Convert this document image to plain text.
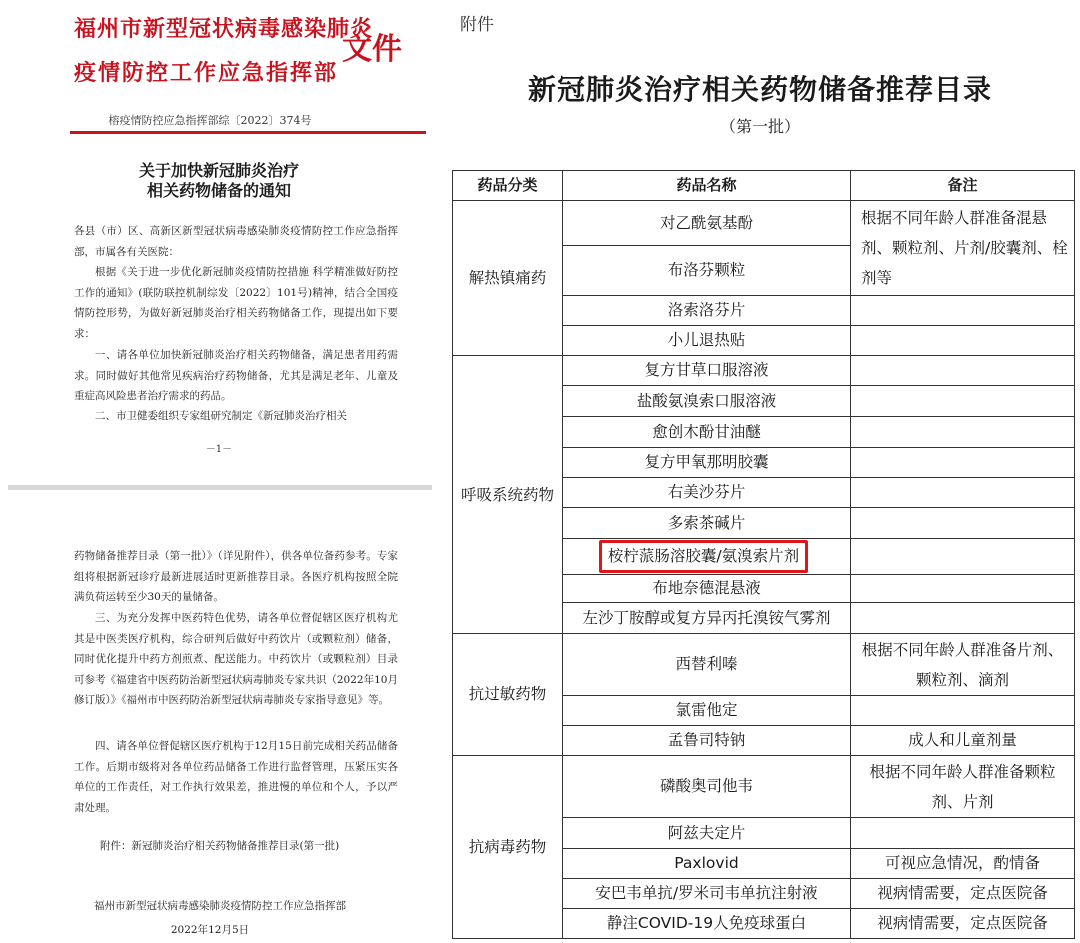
福州市新型冠状病毒感染肺炎
疫情防控工作应急指挥部
文件
榕疫情防控应急指挥部综〔2022〕374号
关于加快新冠肺炎治疗
相关药物储备的通知
各县（市）区、高新区新型冠状病毒感染肺炎疫情防控工作应急指挥部，市属各有关医院：
根据《关于进一步优化新冠肺炎疫情防控措施 科学精准做好防控工作的通知》(联防联控机制综发〔2022〕101号)精神，结合全国疫情防控形势，为做好新冠肺炎治疗相关药物储备工作，现提出如下要求：
一、请各单位加快新冠肺炎治疗相关药物储备，满足患者用药需求。同时做好其他常见疾病治疗药物储备，尤其是满足老年、儿童及重症高风险患者治疗需求的药品。
二、市卫健委组织专家组研究制定《新冠肺炎治疗相关
－1－
药物储备推荐目录（第一批）》（详见附件），供各单位备药参考。专家组将根据新冠诊疗最新进展适时更新推荐目录。各医疗机构按照全院满负荷运转至少30天的量储备。
三、为充分发挥中医药特色优势，请各单位督促辖区医疗机构尤其是中医类医疗机构，综合研判后做好中药饮片（或颗粒剂）储备，同时优化提升中药方剂煎煮、配送能力。中药饮片（或颗粒剂）目录可参考《福建省中医药防治新型冠状病毒肺炎专家共识（2022年10月修订版）》《福州市中医药防治新型冠状病毒肺炎专家指导意见》等。
四、请各单位督促辖区医疗机构于12月15日前完成相关药品储备工作。后期市级将对各单位药品储备工作进行监督管理，压紧压实各单位的工作责任，对工作执行效果差，推进慢的单位和个人，予以严肃处理。
附件：新冠肺炎治疗相关药物储备推荐目录(第一批)
福州市新型冠状病毒感染肺炎疫情防控工作应急指挥部
2022年12月5日
附件
新冠肺炎治疗相关药物储备推荐目录
（第一批）
药品分类	药品名称	备注
解热镇痛药	对乙酰氨基酚	根据不同年龄人群准备混悬剂、颗粒剂、片剂/胶囊剂、栓剂等
	布洛芬颗粒	
	洛索洛芬片	
	小儿退热贴	
呼吸系统药物	复方甘草口服溶液	
	盐酸氨溴索口服溶液	
	愈创木酚甘油醚	
	复方甲氧那明胶囊	
	右美沙芬片	
	多索茶碱片	
	桉柠蒎肠溶胶囊/氨溴索片剂	
	布地奈德混悬液	
	左沙丁胺醇或复方异丙托溴铵气雾剂	
抗过敏药物	西替利嗪	根据不同年龄人群准备片剂、颗粒剂、滴剂
	氯雷他定	
	孟鲁司特钠	成人和儿童剂量
抗病毒药物	磷酸奥司他韦	根据不同年龄人群准备颗粒剂、片剂
	阿兹夫定片	
	Paxlovid	可视应急情况，酌情备
	安巴韦单抗/罗米司韦单抗注射液	视病情需要，定点医院备
	静注COVID-19人免疫球蛋白	视病情需要，定点医院备
